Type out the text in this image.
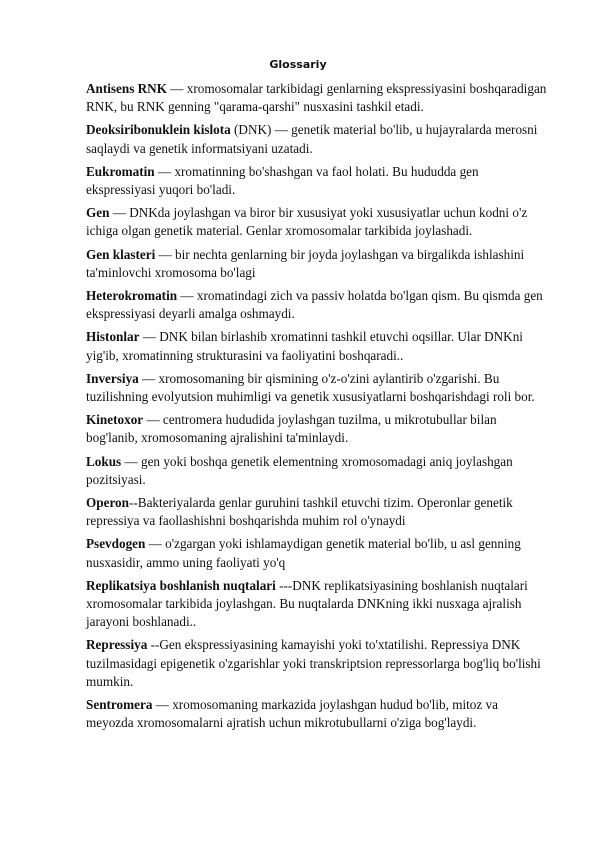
Glossariy

Antisens RNK — xromosomalar tarkibidagi genlarning ekspressiyasini boshqaradigan RNK, bu RNK genning "qarama-qarshi" nusxasini tashkil etadi.

Deoksiribonuklein kislota (DNK) — genetik material bo'lib, u hujayralarda merosni saqlaydi va genetik informatsiyani uzatadi.

Eukromatin — xromatinning bo'shashgan va faol holati. Bu hududda gen ekspressiyasi yuqori bo'ladi.

Gen — DNKda joylashgan va biror bir xususiyat yoki xususiyatlar uchun kodni o'z ichiga olgan genetik material. Genlar xromosomalar tarkibida joylashadi.

Gen klasteri — bir nechta genlarning bir joyda joylashgan va birgalikda ishlashini ta'minlovchi xromosoma bo'lagi

Heterokromatin — xromatindagi zich va passiv holatda bo'lgan qism. Bu qismda gen ekspressiyasi deyarli amalga oshmaydi.

Histonlar — DNK bilan birlashib xromatinni tashkil etuvchi oqsillar. Ular DNKni yig'ib, xromatinning strukturasini va faoliyatini boshqaradi..

Inversiya — xromosomaning bir qismining o'z-o'zini aylantirib o'zgarishi. Bu tuzilishning evolyutsion muhimligi va genetik xususiyatlarni boshqarishdagi roli bor.

Kinetoxor — centromera hududida joylashgan tuzilma, u mikrotubullar bilan bog'lanib, xromosomaning ajralishini ta'minlaydi.

Lokus — gen yoki boshqa genetik elementning xromosomadagi aniq joylashgan pozitsiyasi.

Operon--Bakteriyalarda genlar guruhini tashkil etuvchi tizim. Operonlar genetik repressiya va faollashishni boshqarishda muhim rol o'ynaydi

Psevdogen — o'zgargan yoki ishlamaydigan genetik material bo'lib, u asl genning nusxasidir, ammo uning faoliyati yo'q

Replikatsiya boshlanish nuqtalari ---DNK replikatsiyasining boshlanish nuqtalari xromosomalar tarkibida joylashgan. Bu nuqtalarda DNKning ikki nusxaga ajralish jarayoni boshlanadi..

Repressiya --Gen ekspressiyasining kamayishi yoki to'xtatilishi. Repressiya DNK tuzilmasidagi epigenetik o'zgarishlar yoki transkriptsion repressorlarga bog'liq bo'lishi mumkin.

Sentromera — xromosomaning markazida joylashgan hudud bo'lib, mitoz va meyozda xromosomalarni ajratish uchun mikrotubullarni o'ziga bog'laydi.
